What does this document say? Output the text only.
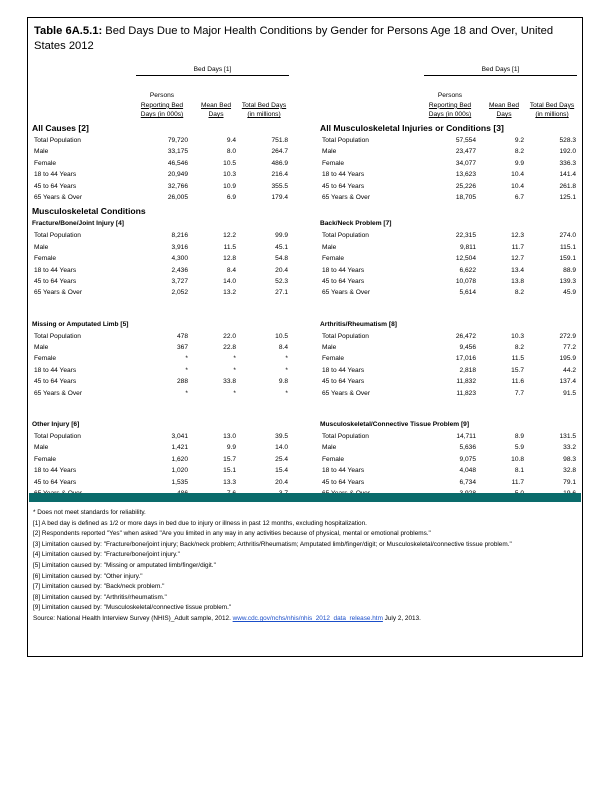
Table 6A.5.1: Bed Days Due to Major Health Conditions by Gender for Persons Age 18 and Over, United States 2012
Bed Days [1]
Persons
Reporting Bed
Days (in 000s)
Mean Bed
Days
Total Bed Days
(in millions)
All Causes [2]
Total Population	79,720	9.4	751.8
Male	33,175	8.0	264.7
Female	46,546	10.5	486.9
18 to 44 Years	20,949	10.3	216.4
45 to 64 Years	32,766	10.9	355.5
65 Years & Over	26,005	6.9	179.4
Musculoskeletal Conditions
Fracture/Bone/Joint Injury [4]
Total Population	8,216	12.2	99.9
Male	3,916	11.5	45.1
Female	4,300	12.8	54.8
18 to 44 Years	2,436	8.4	20.4
45 to 64 Years	3,727	14.0	52.3
65 Years & Over	2,052	13.2	27.1
Missing or Amputated Limb [5]
Total Population	478	22.0	10.5
Male	367	22.8	8.4
Female	*	*	*
18 to 44 Years	*	*	*
45 to 64 Years	288	33.8	9.8
65 Years & Over	*	*	*
Other Injury [6]
Total Population	3,041	13.0	39.5
Male	1,421	9.9	14.0
Female	1,620	15.7	25.4
18 to 44 Years	1,020	15.1	15.4
45 to 64 Years	1,535	13.3	20.4
Bed Days [1]
Persons
Reporting Bed
Days (in 000s)
Mean Bed
Days
Total Bed Days
(in millions)
All Musculoskeletal Injuries or Conditions [3]
Total Population	57,554	9.2	528.3
Male	23,477	8.2	192.0
Female	34,077	9.9	336.3
18 to 44 Years	13,623	10.4	141.4
45 to 64 Years	25,226	10.4	261.8
65 Years & Over	18,705	6.7	125.1
Back/Neck Problem [7]
Total Population	22,315	12.3	274.0
Male	9,811	11.7	115.1
Female	12,504	12.7	159.1
18 to 44 Years	6,622	13.4	88.9
45 to 64 Years	10,078	13.8	139.3
65 Years & Over	5,614	8.2	45.9
Arthritis/Rheumatism [8]
Total Population	26,472	10.3	272.9
Male	9,456	8.2	77.2
Female	17,016	11.5	195.9
18 to 44 Years	2,818	15.7	44.2
45 to 64 Years	11,832	11.6	137.4
65 Years & Over	11,823	7.7	91.5
Musculoskeletal/Connective Tissue Problem [9]
Total Population	14,711	8.9	131.5
Male	5,636	5.9	33.2
Female	9,075	10.8	98.3
18 to 44 Years	4,048	8.1	32.8
45 to 64 Years	6,734	11.7	79.1
* Does not meet standards for reliability.
[1] A bed day is defined as 1/2 or more days in bed due to injury or illness in past 12 months, excluding hospitalization.
[2] Respondents reported "Yes" when asked "Are you limited in any way in any activities because of physical, mental or emotional problems."
[3] Limitation caused by: "Fracture/bone/joint injury; Back/neck problem; Arthritis/Rheumatism; Amputated limb/finger/digit; or Musculoskeletal/connective tissue problem."
[4] Limitation caused by: "Fracture/bone/joint injury."
[5] Limitation caused by: "Missing or amputated limb/finger/digit."
[6] Limitation caused by: "Other injury."
[7] Limitation caused by: "Back/neck problem."
[8] Limitation caused by: "Arthritis/rheumatism."
[9] Limitation caused by: "Musculoskeletal/connective tissue problem."
Source: National Health Interview Survey (NHIS)_Adult sample, 2012. www.cdc.gov/nchs/nhis/nhis_2012_data_release.htm July 2, 2013.
